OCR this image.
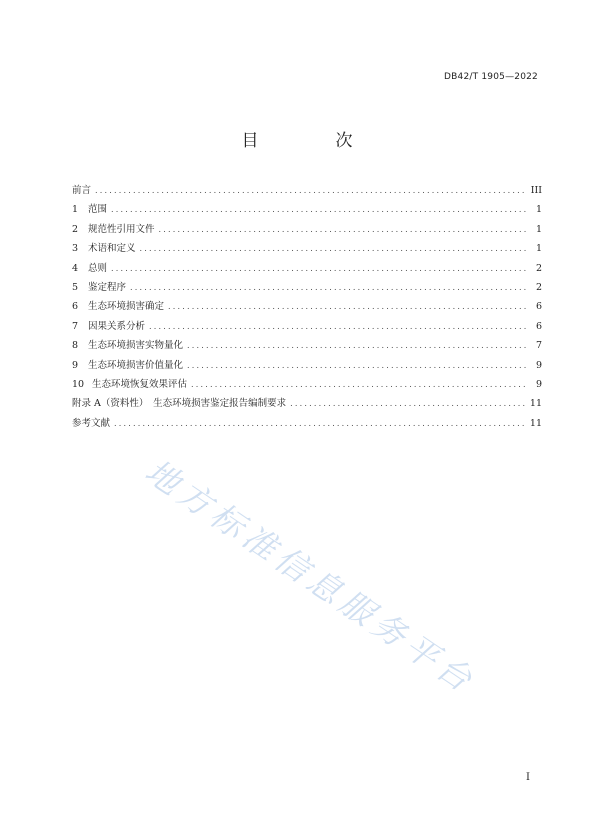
DB42/T 1905—2022
目　次
前言 .....	III
1	范围 .....	1
2	规范性引用文件 .....	1
3	术语和定义 .....	1
4	总则 .....	2
5	鉴定程序 .....	2
6	生态环境损害确定 .....	6
7	因果关系分析 .....	6
8	生态环境损害实物量化 .....	7
9	生态环境损害价值量化 .....	9
10 生态环境恢复效果评估 .....	9
附录 A（资料性）　生态环境损害鉴定报告编制要求 .....	11
参考文献 .....	11
地方标准信息服务平台
I
